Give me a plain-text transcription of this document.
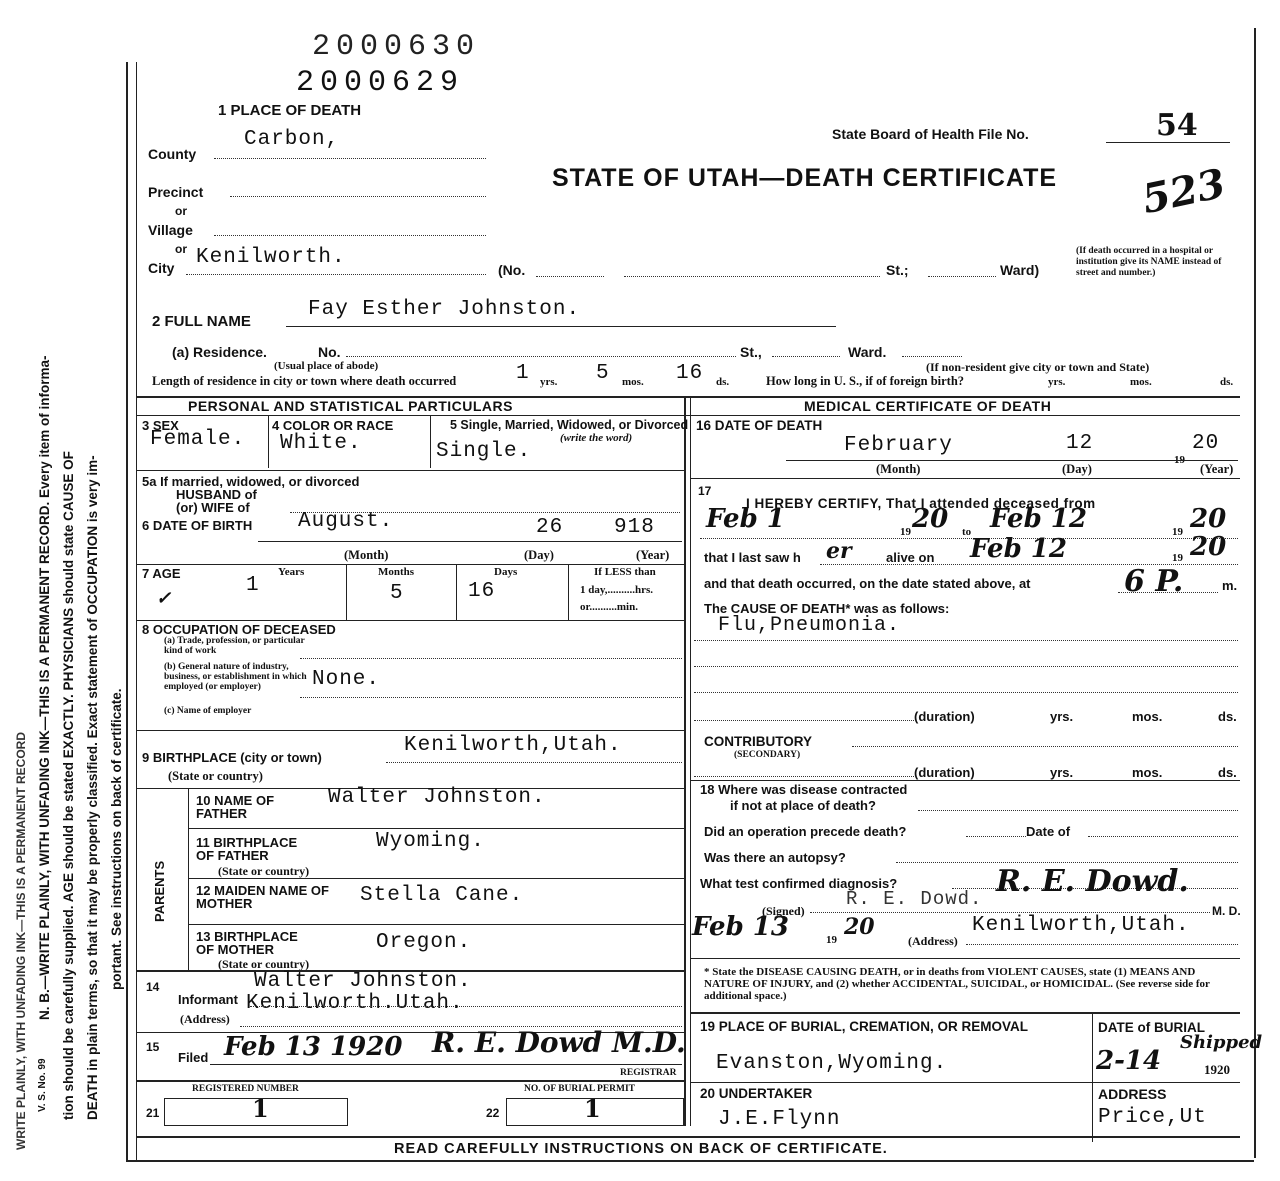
WRITE PLAINLY, WITH UNFADING INK—THIS IS A PERMANENT RECORD V. S. No. 99
N. B.—WRITE PLAINLY, WITH UNFADING INK—THIS IS A PERMANENT RECORD. Every item of informa- tion should be carefully supplied. AGE should be stated EXACTLY. PHYSICIANS should state CAUSE OF DEATH in plain terms, so that it may be properly classified. Exact statement of OCCUPATION is very im- portant. See instructions on back of certificate.
2000630
2000629
1 PLACE OF DEATH
County
Carbon,
Precinct
or
Village
or
City Kenilworth.
(No.	St.;	Ward)
(If death occurred in a hospital or institution give its NAME instead of street and number.)
State Board of Health File No.	54
523
STATE OF UTAH—DEATH CERTIFICATE
2 FULL NAME
Fay Esther Johnston.
(a) Residence.	No.	St.,	Ward.
(Usual place of abode)	(If non-resident give city or town and State)
Length of residence in city or town where death occurred	1 yrs. 5 mos. 16 ds.	How long in U. S., if of foreign birth?	yrs.	mos.	ds.
PERSONAL AND STATISTICAL PARTICULARS	MEDICAL CERTIFICATE OF DEATH
3 SEX
Female.
4 COLOR OR RACE
White.
5 Single, Married, Widowed, or Divorced
(write the word)
Single.
5a If married, widowed, or divorced
HUSBAND of
(or) WIFE of
6 DATE OF BIRTH August.	26 918
(Month)	(Day)	(Year)
7 AGE
✓
Years
1
Months
5
Days
16
If LESS than
1 day,..........hrs.
or..........min.
8 OCCUPATION OF DECEASED
(a) Trade, profession, or particular kind of work
(b) General nature of industry, business, or establishment in which employed (or employer)	None.
(c) Name of employer
9 BIRTHPLACE (city or town)
Kenilworth,Utah.
(State or country)
PARENTS
10 NAME OF FATHER
Walter Johnston.
11 BIRTHPLACE OF FATHER
(State or country)
Wyoming.
12 MAIDEN NAME OF MOTHER	Stella Cane.
13 BIRTHPLACE OF MOTHER
(State or country)
Oregon.
14
Informant
Walter Johnston.
Kenilworth.Utah.
(Address)
15
Filed Feb 13 1920 R. E. Dowd M.D.
REGISTRAR
REGISTERED NUMBER
21	1
NO. OF BURIAL PERMIT
22	1
16 DATE OF DEATH
February	12
19
20
(Month)	(Day)	(Year)
17
I HEREBY CERTIFY, That I attended deceased from
Feb 1	19 20 to Feb 12	19 20
that I last saw h er	alive on Feb 12	19 20
and that death occurred, on the date stated above, at	6 P.	m.
The CAUSE OF DEATH* was as follows:
Flu,Pneumonia.
(duration)	yrs.	mos.	ds.
CONTRIBUTORY
(SECONDARY)
(duration)	yrs.	mos.	ds.
18 Where was disease contracted
if not at place of death?
Did an operation precede death?	Date of
Was there an autopsy?
What test confirmed diagnosis?	R. E. Dowd.
(Signed)
R. E. Dowd.
M. D.
Feb 13	19 20
(Address)
Kenilworth,Utah.
* State the DISEASE CAUSING DEATH, or in deaths from VIOLENT CAUSES, state (1) MEANS AND NATURE OF INJURY, and (2) whether ACCIDENTAL, SUICIDAL, or HOMICIDAL. (See reverse side for additional space.)
19 PLACE OF BURIAL, CREMATION, OR REMOVAL
Evanston,Wyoming.
DATE of BURIAL
Shipped
2-14	1920
20 UNDERTAKER
J.E.Flynn
ADDRESS
Price,Ut
READ CAREFULLY INSTRUCTIONS ON BACK OF CERTIFICATE.
